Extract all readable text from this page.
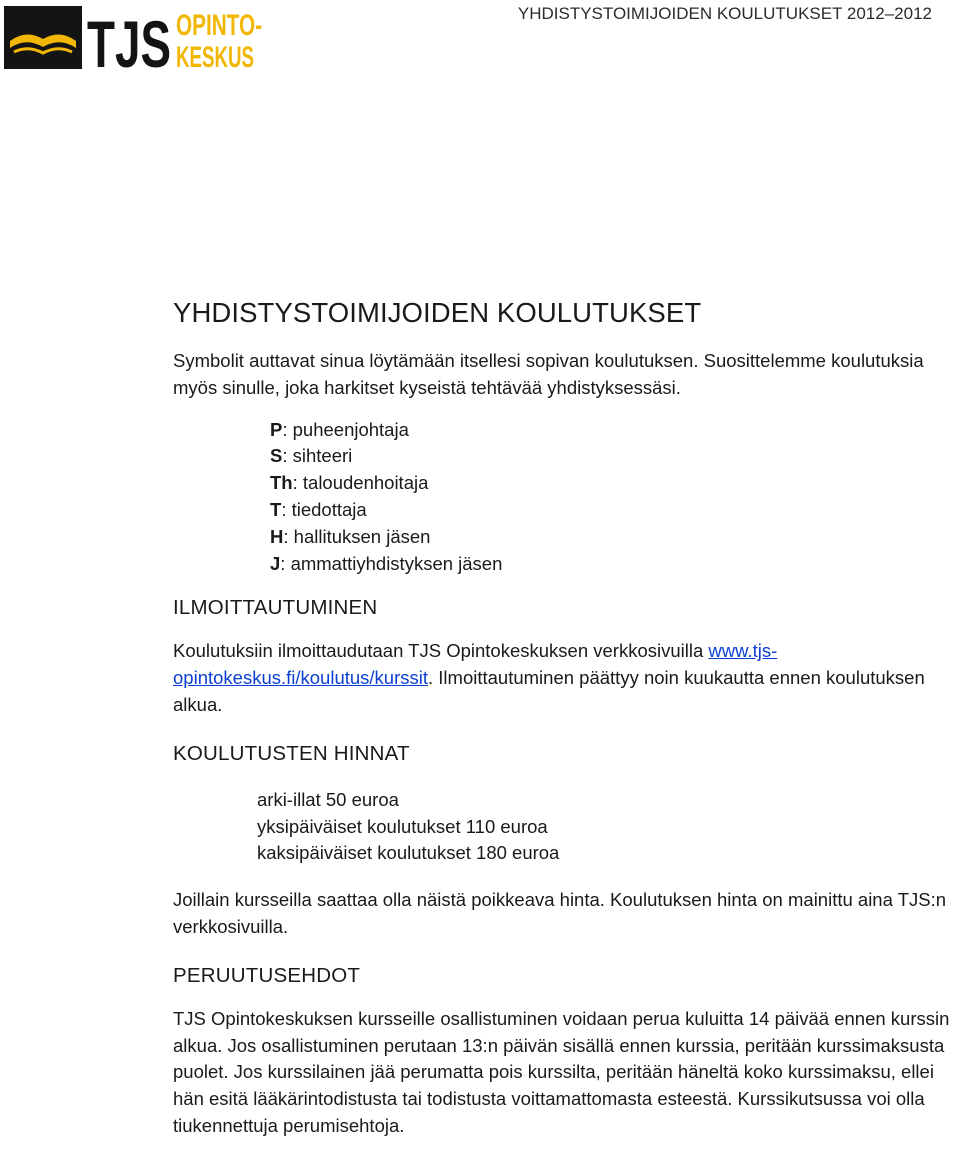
TJS OPINTO-
KESKUS
YHDISTYSTOIMIJOIDEN KOULUTUKSET 2012–2012
YHDISTYSTOIMIJOIDEN KOULUTUKSET

Symbolit auttavat sinua löytämään itsellesi sopivan koulutuksen. Suosittelemme koulutuksia myös sinulle, joka harkitset kyseistä tehtävää yhdistyksessäsi.

P: puheenjohtaja
S: sihteeri
Th: taloudenhoitaja
T: tiedottaja
H: hallituksen jäsen
J: ammattiyhdistyksen jäsen
ILMOITTAUTUMINEN

Koulutuksiin ilmoittaudutaan TJS Opintokeskuksen verkkosivuilla www.tjs-opintokeskus.fi/koulutus/kurssit. Ilmoittautuminen päättyy noin kuukautta ennen koulutuksen alkua.

KOULUTUSTEN HINNAT
arki-illat 50 euroa
yksipäiväiset koulutukset 110 euroa
kaksipäiväiset koulutukset 180 euroa

Joillain kursseilla saattaa olla näistä poikkeava hinta. Koulutuksen hinta on mainittu aina TJS:n verkkosivuilla.

PERUUTUSEHDOT

TJS Opintokeskuksen kursseille osallistuminen voidaan perua kuluitta 14 päivää ennen kurssin alkua. Jos osallistuminen perutaan 13:n päivän sisällä ennen kurssia, peritään kurssimaksusta puolet. Jos kurssilainen jää perumatta pois kurssilta, peritään häneltä koko kurssimaksu, ellei hän esitä lääkärintodistusta tai todistusta voittamattomasta esteestä. Kurssikutsussa voi olla tiukennettuja perumisehtoja.
